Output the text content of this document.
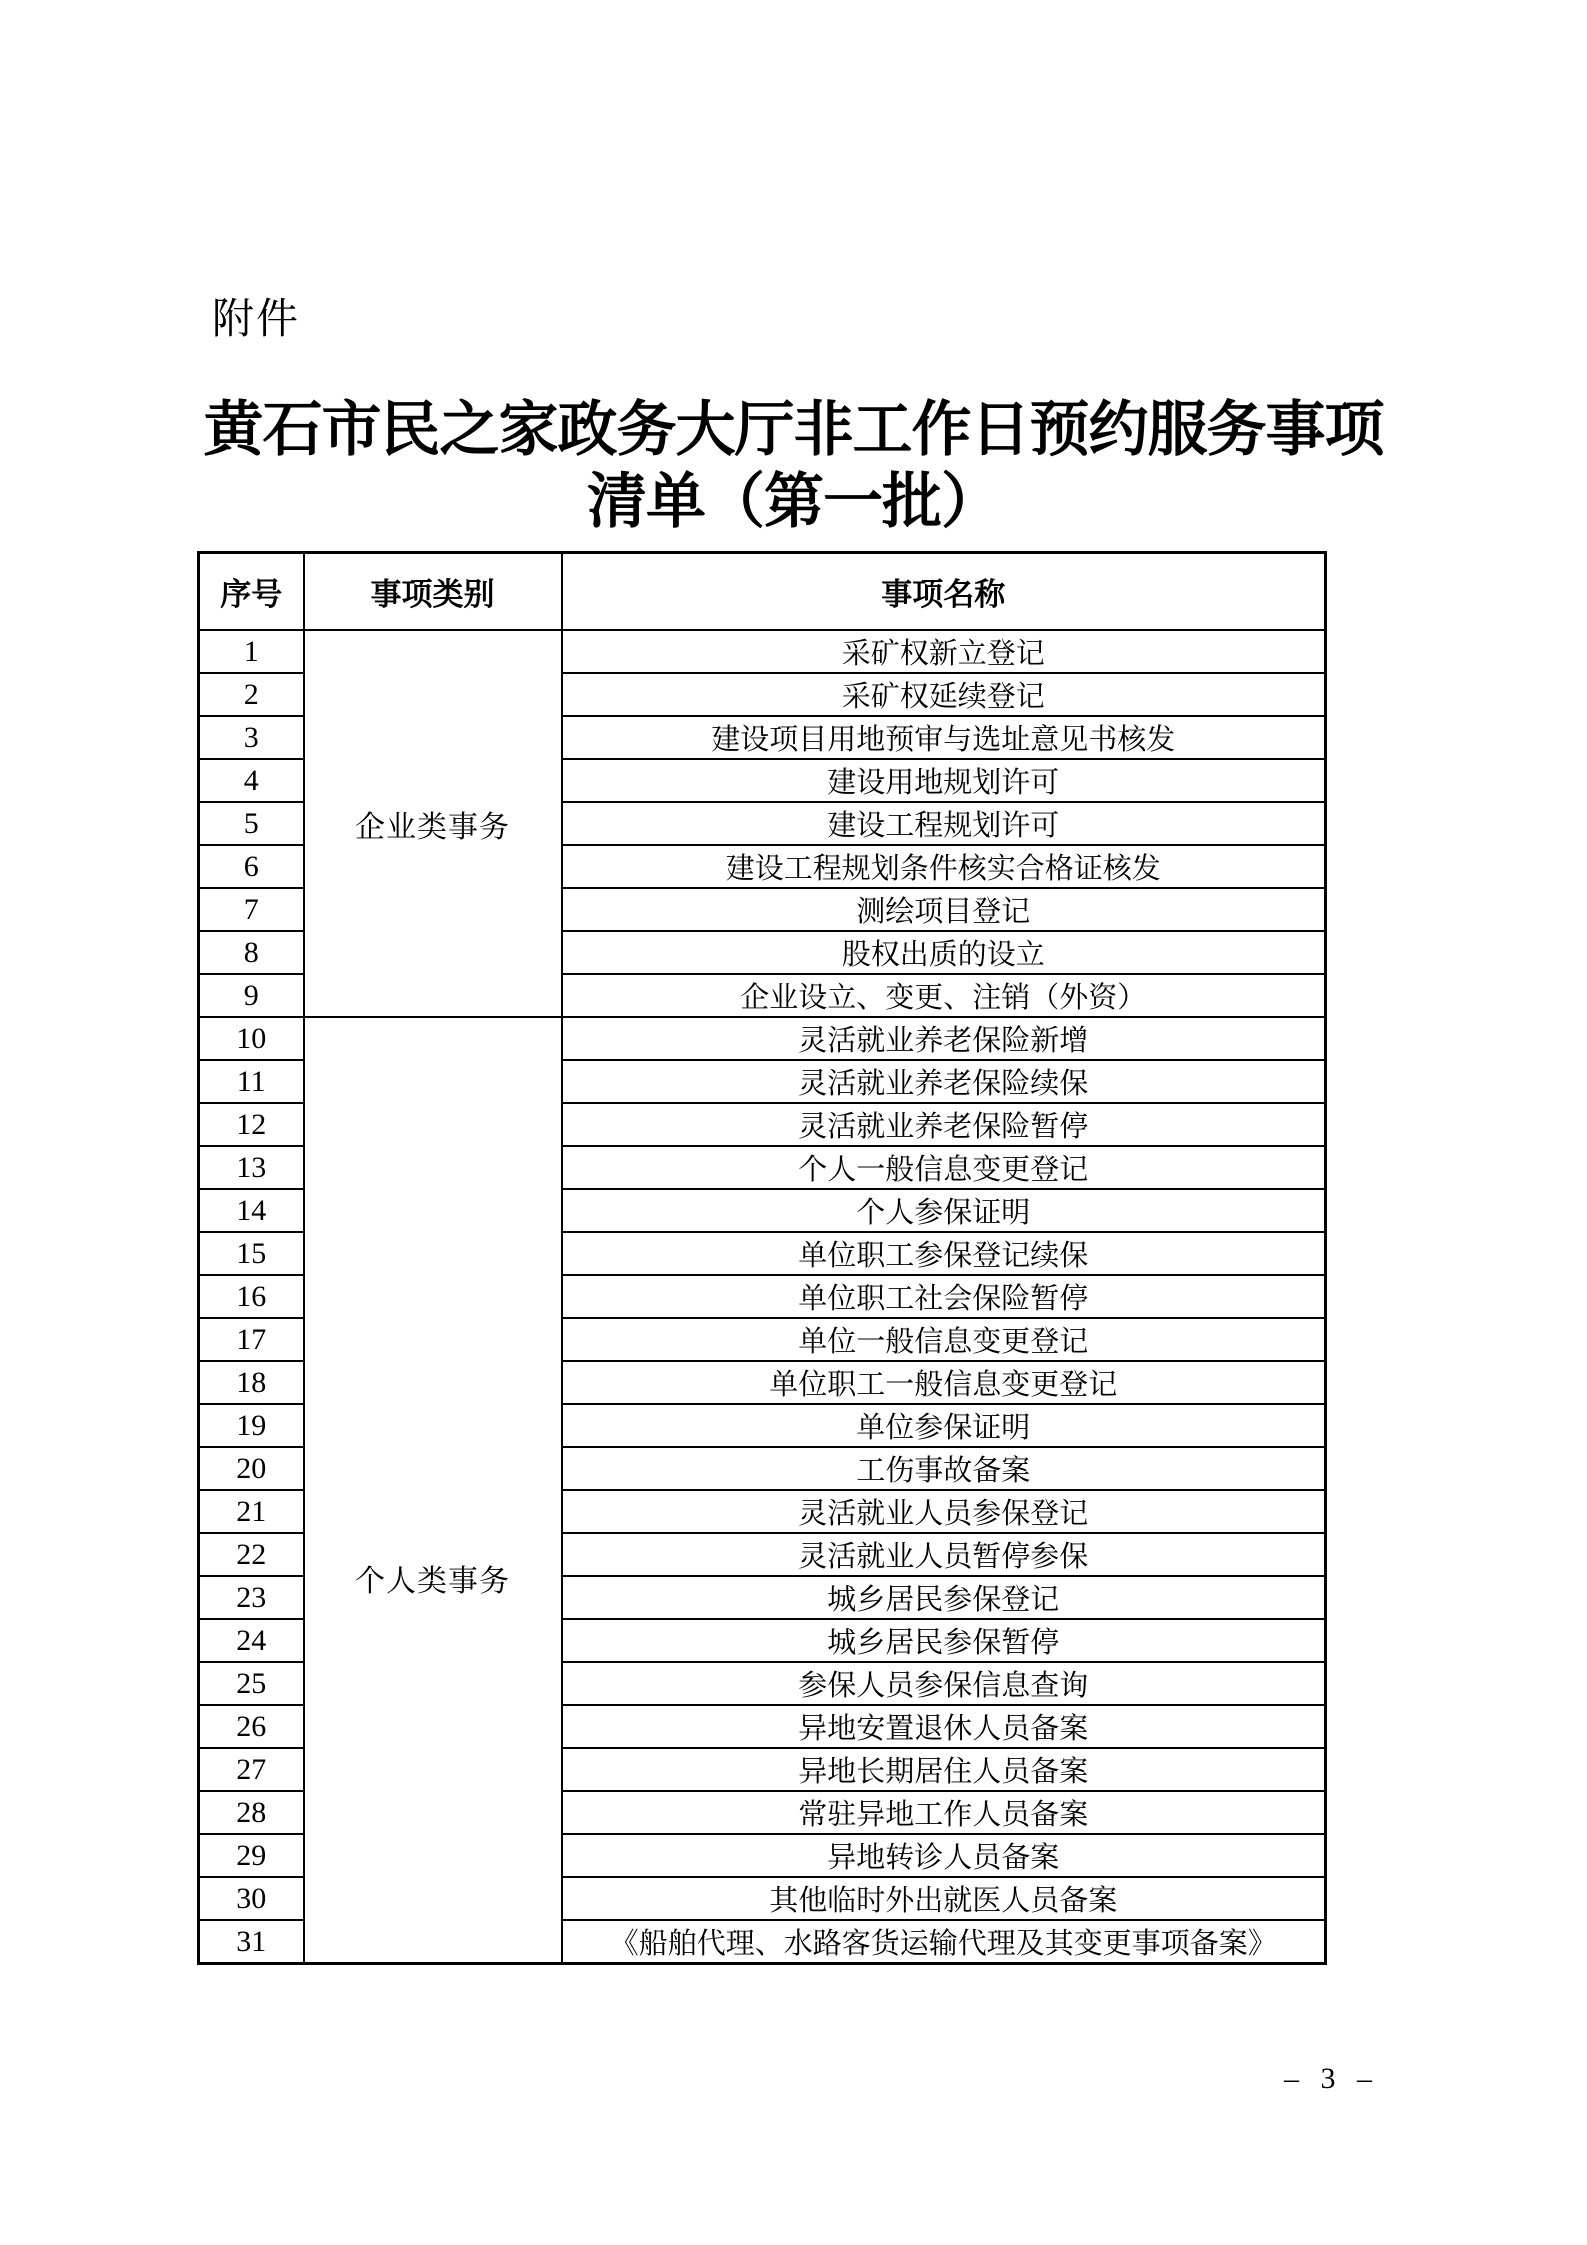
附件
黄石市民之家政务大厅非工作日预约服务事项
清单（第一批）
序号	事项类别	事项名称
1	企业类事务	采矿权新立登记
2		采矿权延续登记
3		建设项目用地预审与选址意见书核发
4		建设用地规划许可
5		建设工程规划许可
6		建设工程规划条件核实合格证核发
7		测绘项目登记
8		股权出质的设立
9		企业设立、变更、注销（外资）
10	个人类事务	灵活就业养老保险新增
11		灵活就业养老保险续保
12		灵活就业养老保险暂停
13		个人一般信息变更登记
14		个人参保证明
15		单位职工参保登记续保
16		单位职工社会保险暂停
17		单位一般信息变更登记
18		单位职工一般信息变更登记
19		单位参保证明
20		工伤事故备案
21		灵活就业人员参保登记
22		灵活就业人员暂停参保
23		城乡居民参保登记
24		城乡居民参保暂停
25		参保人员参保信息查询
26		异地安置退休人员备案
27		异地长期居住人员备案
28		常驻异地工作人员备案
29		异地转诊人员备案
30		其他临时外出就医人员备案
31		《船舶代理、水路客货运输代理及其变更事项备案》
– 3 –
